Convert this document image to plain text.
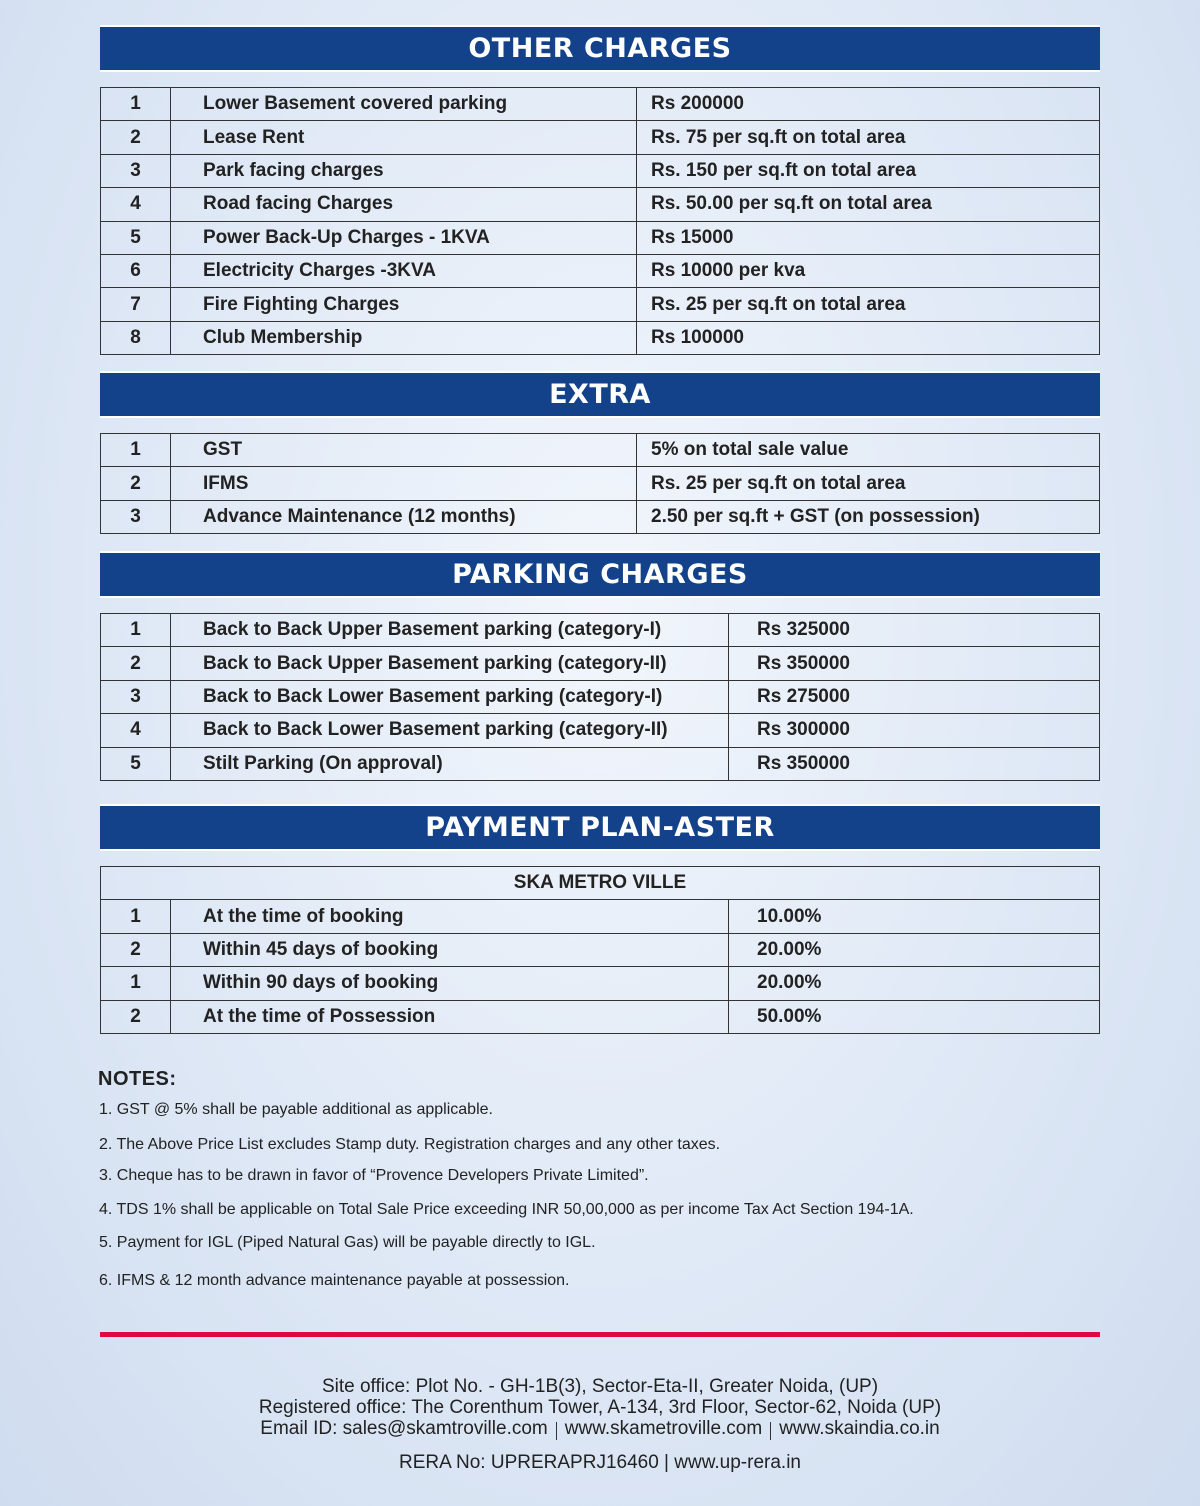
OTHER CHARGES
1	Lower Basement covered parking	Rs 200000
2	Lease Rent	Rs. 75 per sq.ft on total area
3	Park facing charges	Rs. 150 per sq.ft on total area
4	Road facing Charges	Rs. 50.00 per sq.ft on total area
5	Power Back-Up Charges - 1KVA	Rs 15000
6	Electricity Charges -3KVA	Rs 10000 per kva
7	Fire Fighting Charges	Rs. 25 per sq.ft on total area
8	Club Membership	Rs 100000
EXTRA
1	GST	5% on total sale value
2	IFMS	Rs. 25 per sq.ft on total area
3	Advance Maintenance (12 months)	2.50 per sq.ft + GST (on possession)
PARKING CHARGES
1	Back to Back Upper Basement parking (category-I)	Rs 325000
2	Back to Back Upper Basement parking (category-II)	Rs 350000
3	Back to Back Lower Basement parking (category-I)	Rs 275000
4	Back to Back Lower Basement parking (category-II)	Rs 300000
5	Stilt Parking (On approval)	Rs 350000
PAYMENT PLAN-ASTER
SKA METRO VILLE		
1	At the time of booking	10.00%
2	Within 45 days of booking	20.00%
1	Within 90 days of booking	20.00%
2	At the time of Possession	50.00%
NOTES:
1. GST @ 5% shall be payable additional as applicable.
2. The Above Price List excludes Stamp duty. Registration charges and any other taxes.
3. Cheque has to be drawn in favor of “Provence Developers Private Limited”.
4. TDS 1% shall be applicable on Total Sale Price exceeding INR 50,00,000 as per income Tax Act Section 194-1A.
5. Payment for IGL (Piped Natural Gas) will be payable directly to IGL.
6. IFMS & 12 month advance maintenance payable at possession.
Site office: Plot No. - GH-1B(3), Sector-Eta-II, Greater Noida, (UP)
Registered office: The Corenthum Tower, A-134, 3rd Floor, Sector-62, Noida (UP)
Email ID: sales@skamtroville.com www.skametroville.com www.skaindia.co.in
RERA No: UPRERAPRJ16460 | www.up-rera.in
